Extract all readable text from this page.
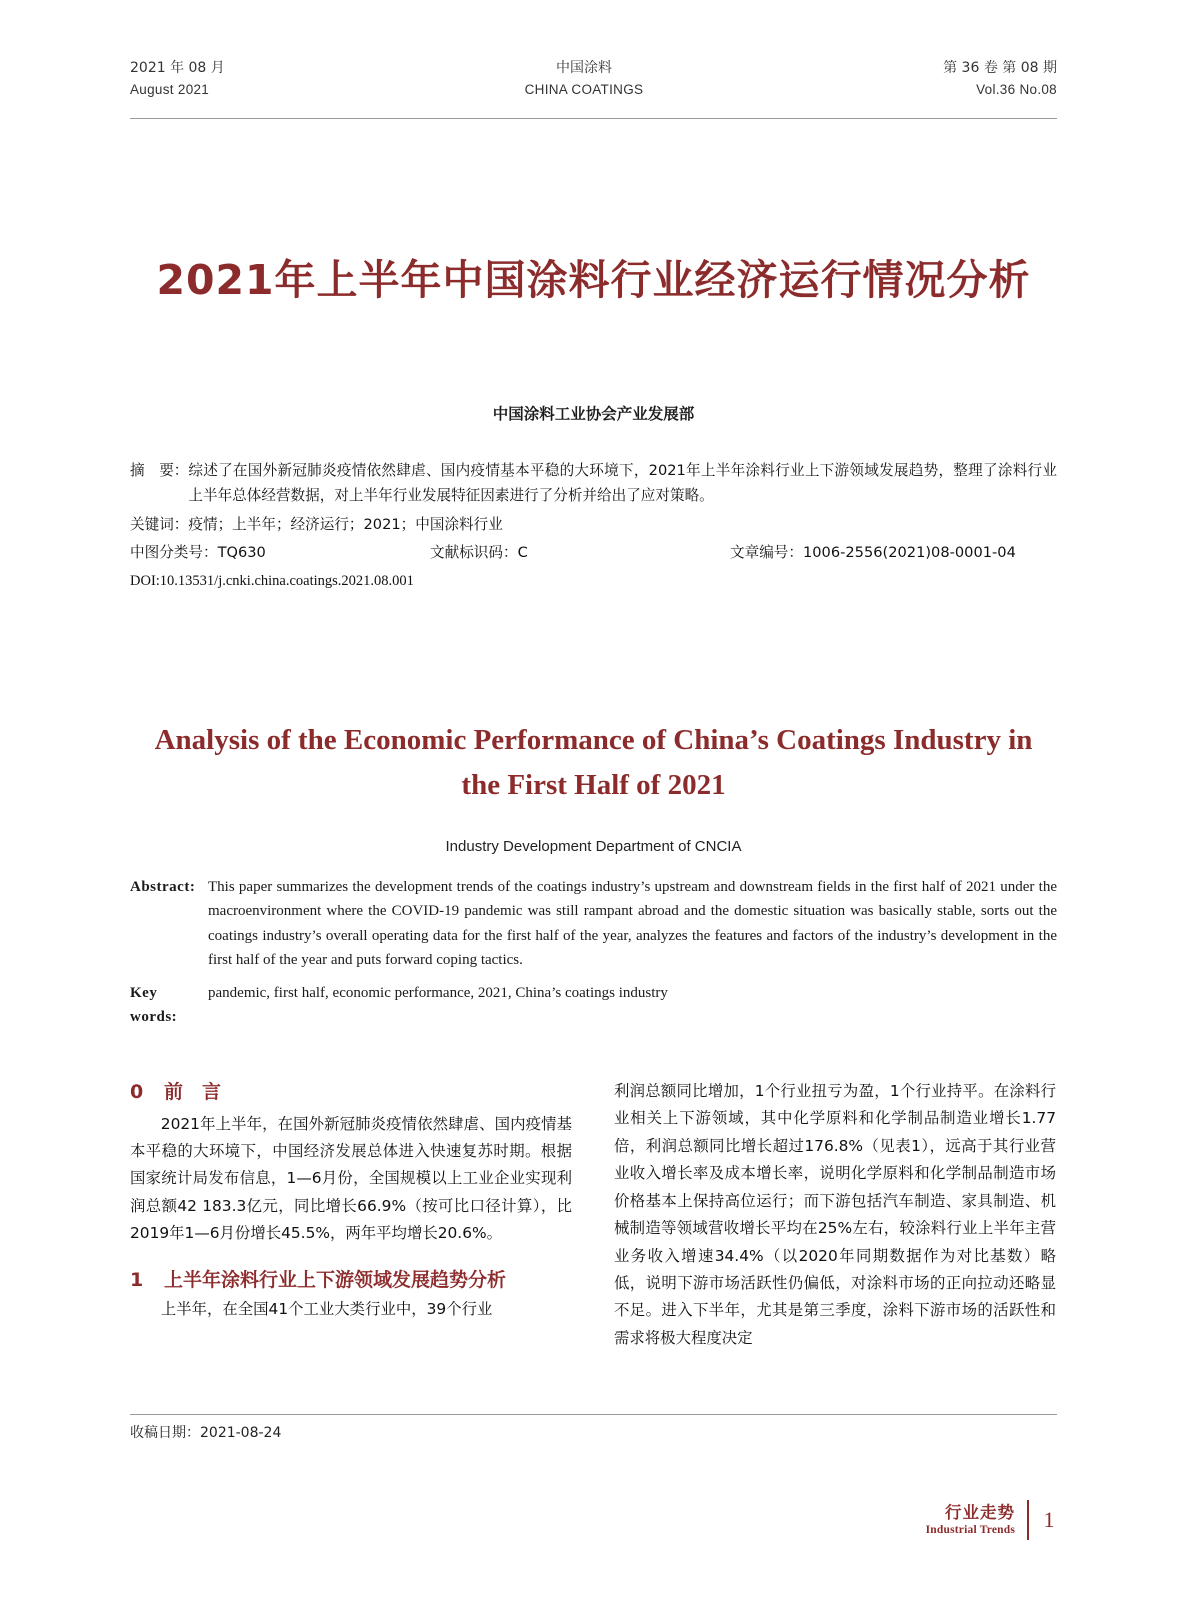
2021 年 08 月
August 2021
中国涂料
CHINA COATINGS
第 36 卷 第 08 期
Vol.36 No.08
2021年上半年中国涂料行业经济运行情况分析
中国涂料工业协会产业发展部
摘　要： 综述了在国外新冠肺炎疫情依然肆虐、国内疫情基本平稳的大环境下，2021年上半年涂料行业上下游领域发展趋势，整理了涂料行业上半年总体经营数据，对上半年行业发展特征因素进行了分析并给出了应对策略。
关键词： 疫情；上半年；经济运行；2021；中国涂料行业
中图分类号：TQ630	文献标识码：C	文章编号：1006-2556(2021)08-0001-04
DOI:10.13531/j.cnki.china.coatings.2021.08.001
Analysis of the Economic Performance of China’s Coatings Industry in the First Half of 2021
Industry Development Department of CNCIA
Abstract: This paper summarizes the development trends of the coatings industry’s upstream and downstream fields in the first half of 2021 under the macroenvironment where the COVID-19 pandemic was still rampant abroad and the domestic situation was basically stable, sorts out the coatings industry’s overall operating data for the first half of the year, analyzes the features and factors of the industry’s development in the first half of the year and puts forward coping tactics.
Key words:
pandemic, first half, economic performance, 2021, China’s coatings industry
0	前　言

2021年上半年，在国外新冠肺炎疫情依然肆虐、国内疫情基本平稳的大环境下，中国经济发展总体进入快速复苏时期。根据国家统计局发布信息，1—6月份，全国规模以上工业企业实现利润总额42 183.3亿元，同比增长66.9%（按可比口径计算），比2019年1—6月份增长45.5%，两年平均增长20.6%。

1	上半年涂料行业上下游领域发展趋势分析

上半年，在全国41个工业大类行业中，39个行业

利润总额同比增加，1个行业扭亏为盈，1个行业持平。在涂料行业相关上下游领域，其中化学原料和化学制品制造业增长1.77倍，利润总额同比增长超过176.8%（见表1），远高于其行业营业收入增长率及成本增长率，说明化学原料和化学制品制造市场价格基本上保持高位运行；而下游包括汽车制造、家具制造、机械制造等领域营收增长平均在25%左右，较涂料行业上半年主营业务收入增速34.4%（以2020年同期数据作为对比基数）略低，说明下游市场活跃性仍偏低，对涂料市场的正向拉动还略显不足。进入下半年，尤其是第三季度，涂料下游市场的活跃性和需求将极大程度决定

收稿日期：2021-08-24
行业走势
Industrial Trends 1
